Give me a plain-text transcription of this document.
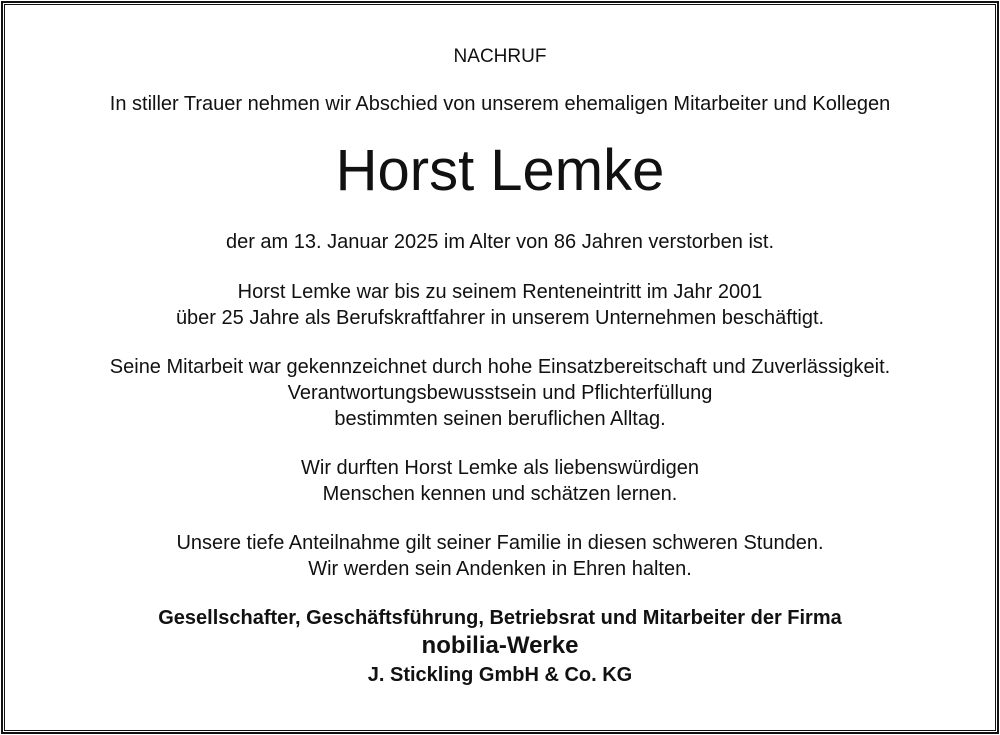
NACHRUF

In stiller Trauer nehmen wir Abschied von unserem ehemaligen Mitarbeiter und Kollegen

Horst Lemke

der am 13. Januar 2025 im Alter von 86 Jahren verstorben ist.

Horst Lemke war bis zu seinem Renteneintritt im Jahr 2001

über 25 Jahre als Berufskraftfahrer in unserem Unternehmen beschäftigt.

Seine Mitarbeit war gekennzeichnet durch hohe Einsatzbereitschaft und Zuverlässigkeit.

Verantwortungsbewusstsein und Pflichterfüllung

bestimmten seinen beruflichen Alltag.

Wir durften Horst Lemke als liebenswürdigen

Menschen kennen und schätzen lernen.

Unsere tiefe Anteilnahme gilt seiner Familie in diesen schweren Stunden.

Wir werden sein Andenken in Ehren halten.

Gesellschafter, Geschäftsführung, Betriebsrat und Mitarbeiter der Firma

nobilia-Werke

J. Stickling GmbH & Co. KG
